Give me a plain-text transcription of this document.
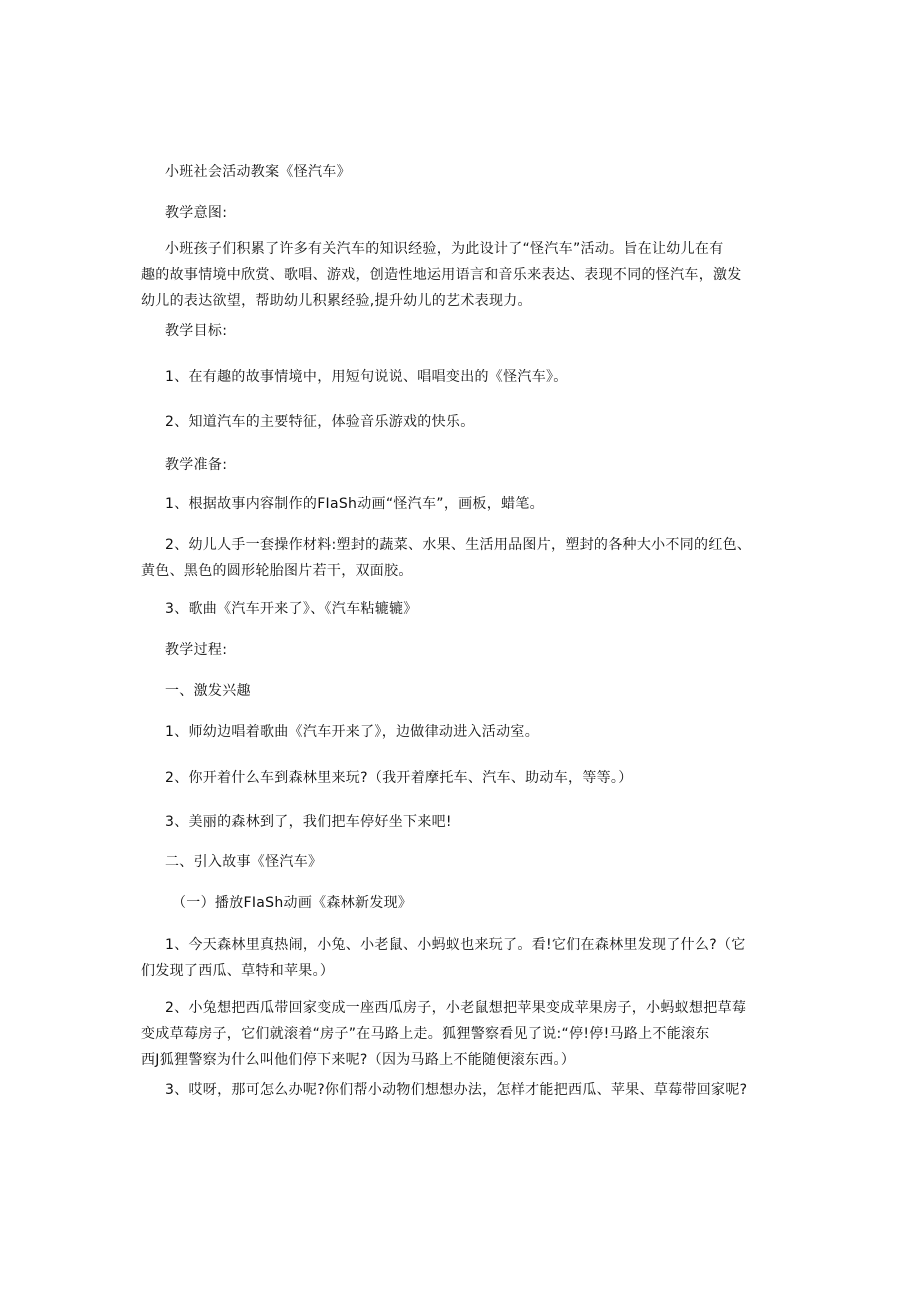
小班社会活动教案《怪汽车》
教学意图:
小班孩子们积累了许多有关汽车的知识经验，为此设计了“怪汽车”活动。旨在让幼儿在有
趣的故事情境中欣赏、歌唱、游戏，创造性地运用语言和音乐来表达、表现不同的怪汽车，激发
幼儿的表达欲望，帮助幼儿积累经验,提升幼儿的艺术表现力。
教学目标:
1、在有趣的故事情境中，用短句说说、唱唱变出的《怪汽车》。
2、知道汽车的主要特征，体验音乐游戏的快乐。
教学准备:
1、根据故事内容制作的FIaSh动画“怪汽车”，画板，蜡笔。
2、幼儿人手一套操作材料:塑封的蔬菜、水果、生活用品图片，塑封的各种大小不同的红色、
黄色、黑色的圆形轮胎图片若干，双面胶。
3、歌曲《汽车开来了》、《汽车粘辘辘》
教学过程:
一、激发兴趣
1、师幼边唱着歌曲《汽车开来了》，边做律动进入活动室。
2、你开着什么车到森林里来玩?（我开着摩托车、汽车、助动车，等等。）
3、美丽的森林到了，我们把车停好坐下来吧!
二、引入故事《怪汽车》
（一）播放FIaSh动画《森林新发现》
1、今天森林里真热闹，小兔、小老鼠、小蚂蚁也来玩了。看!它们在森林里发现了什么?（它
们发现了西瓜、草特和苹果。）
2、小兔想把西瓜带回家变成一座西瓜房子，小老鼠想把苹果变成苹果房子，小蚂蚁想把草莓
变成草莓房子，它们就滚着“房子”在马路上走。狐狸警察看见了说:“停!停!马路上不能滚东
西J狐狸警察为什么叫他们停下来呢?（因为马路上不能随便滚东西。）
3、哎呀，那可怎么办呢?你们帮小动物们想想办法，怎样才能把西瓜、苹果、草莓带回家呢?
